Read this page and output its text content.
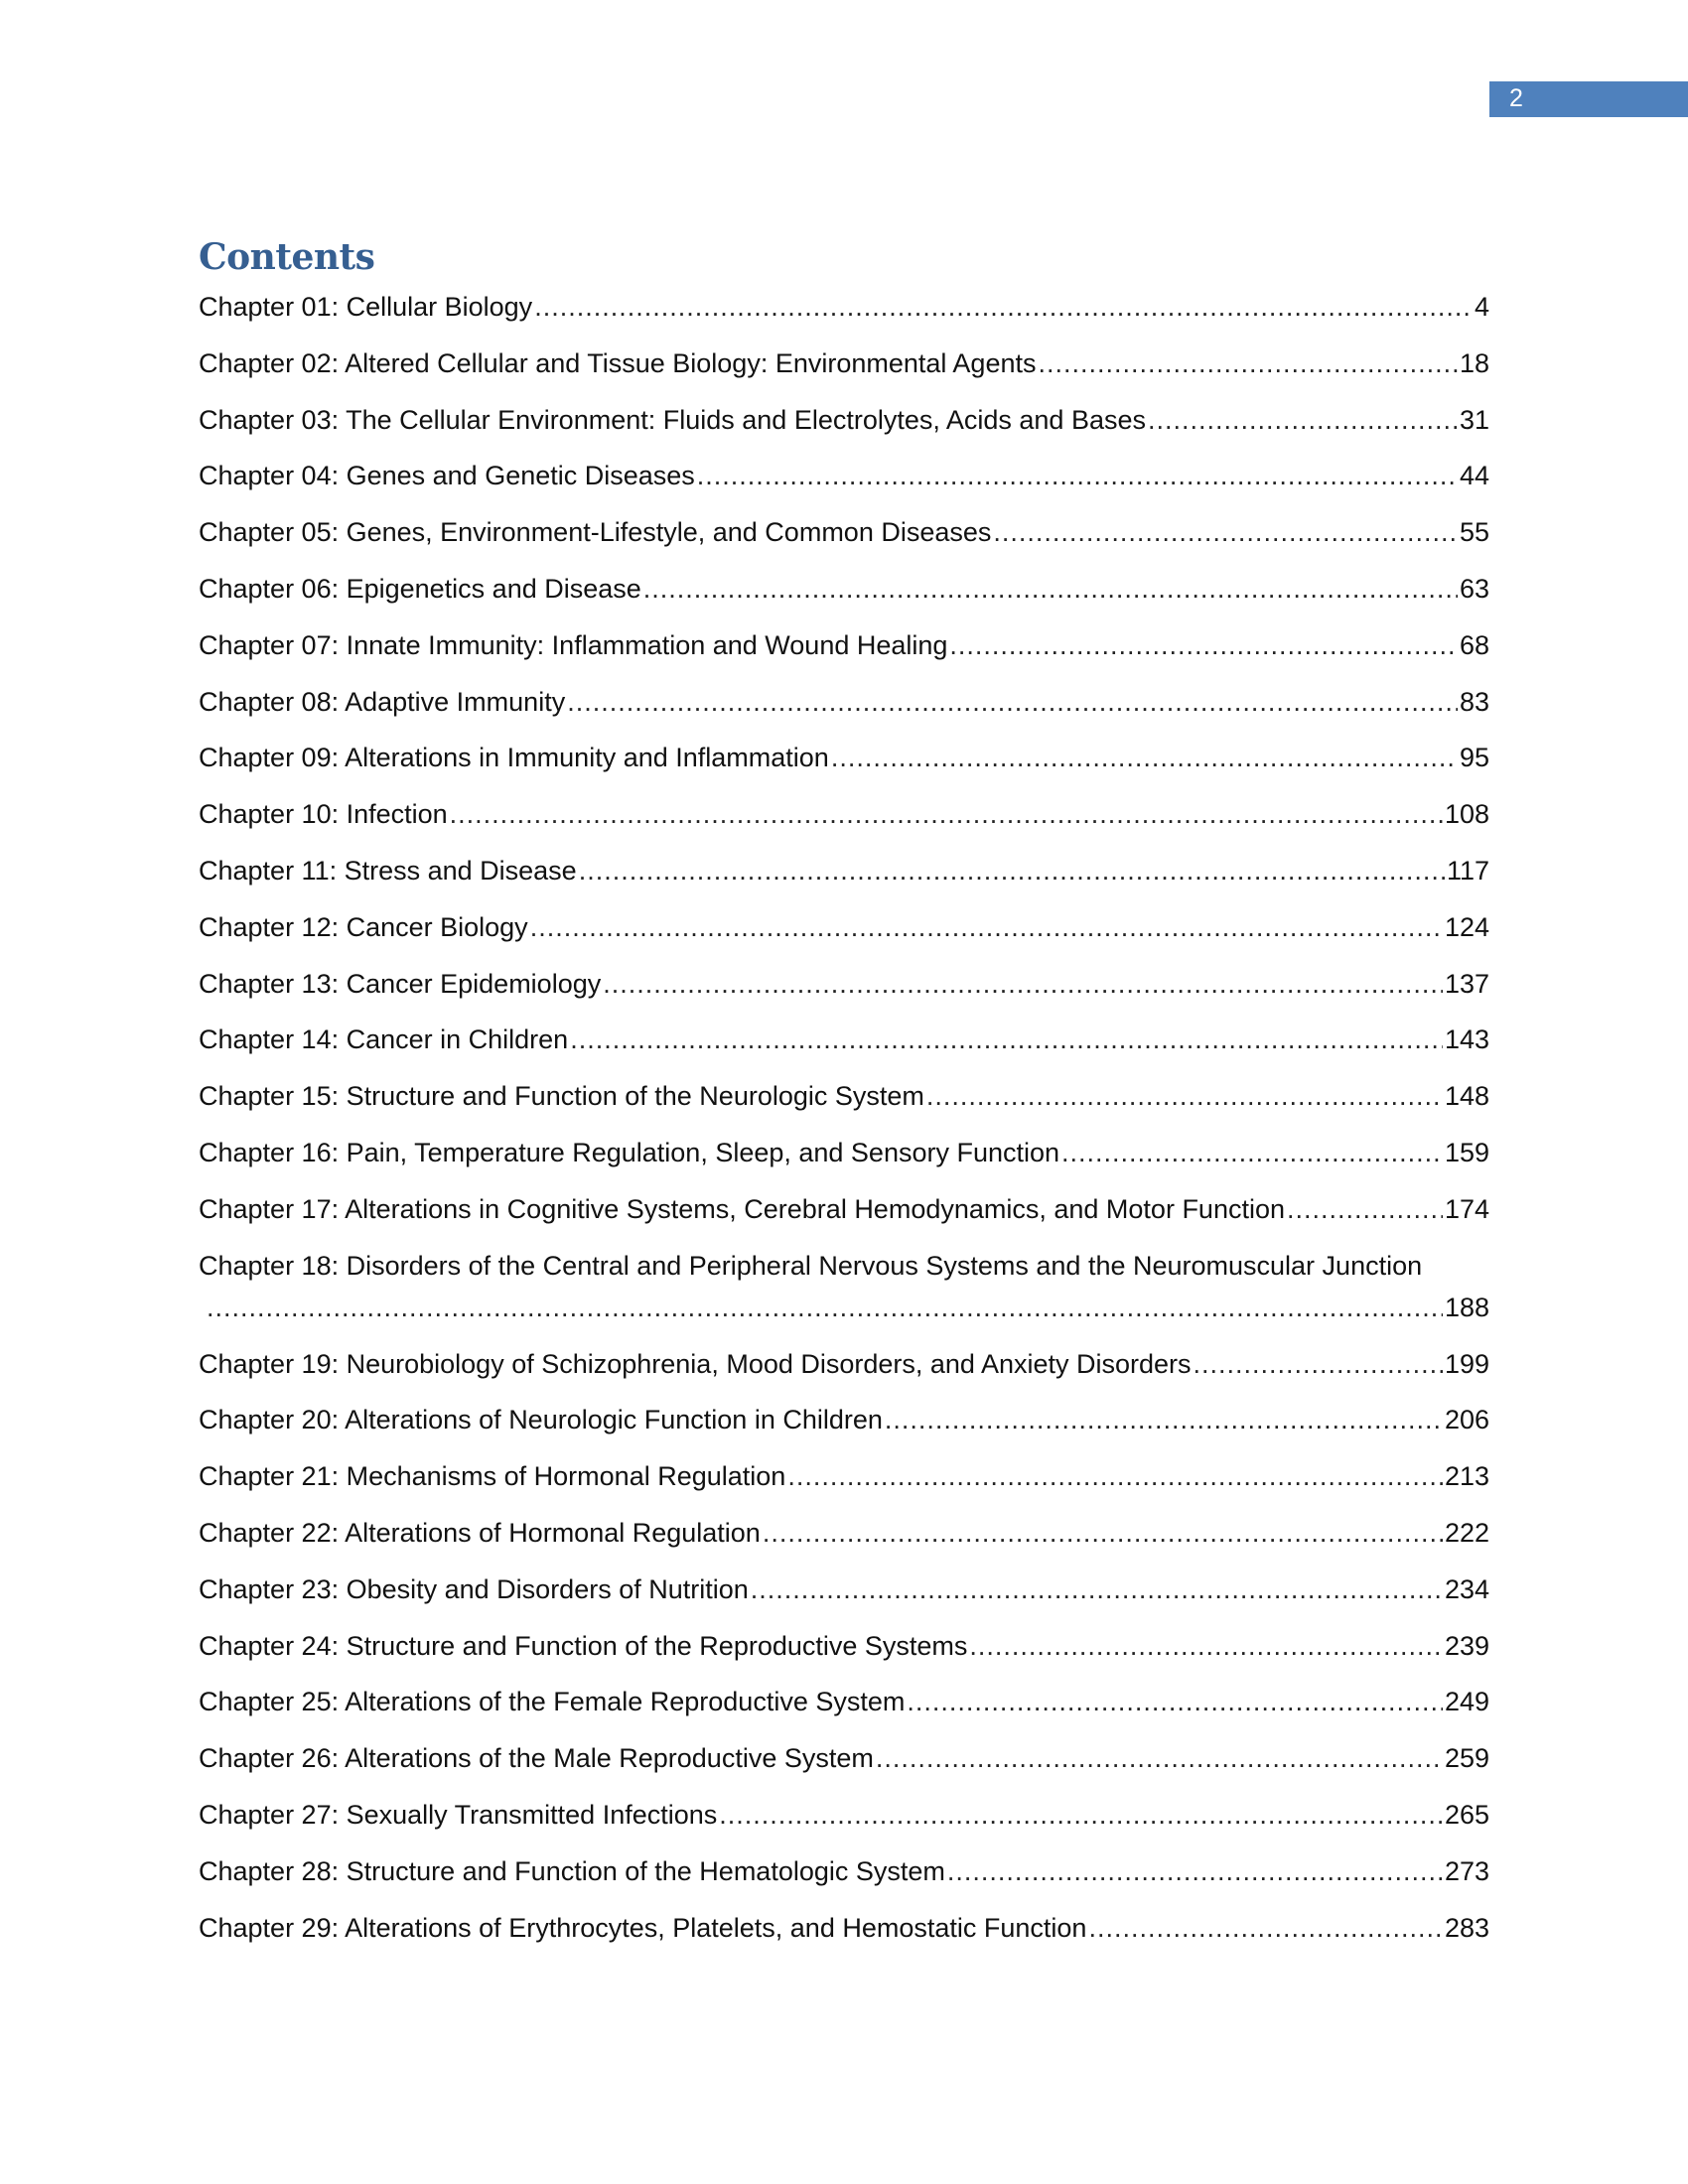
2
Contents
Chapter 01: Cellular Biology .....	4
Chapter 02: Altered Cellular and Tissue Biology: Environmental Agents .....	18
Chapter 03: The Cellular Environment: Fluids and Electrolytes, Acids and Bases .....	31
Chapter 04: Genes and Genetic Diseases .....	44
Chapter 05: Genes, Environment-Lifestyle, and Common Diseases .....	55
Chapter 06: Epigenetics and Disease .....	63
Chapter 07: Innate Immunity: Inflammation and Wound Healing .....	68
Chapter 08: Adaptive Immunity .....	83
Chapter 09: Alterations in Immunity and Inflammation .....	95
Chapter 10: Infection .....	108
Chapter 11: Stress and Disease .....	117
Chapter 12: Cancer Biology .....	124
Chapter 13: Cancer Epidemiology .....	137
Chapter 14: Cancer in Children .....	143
Chapter 15: Structure and Function of the Neurologic System .....	148
Chapter 16: Pain, Temperature Regulation, Sleep, and Sensory Function .....	159
Chapter 17: Alterations in Cognitive Systems, Cerebral Hemodynamics, and Motor Function .....	174
Chapter 18: Disorders of the Central and Peripheral Nervous Systems and the Neuromuscular Junction
.....
188
Chapter 19: Neurobiology of Schizophrenia, Mood Disorders, and Anxiety Disorders .....	199
Chapter 20: Alterations of Neurologic Function in Children .....	206
Chapter 21: Mechanisms of Hormonal Regulation .....	213
Chapter 22: Alterations of Hormonal Regulation .....	222
Chapter 23: Obesity and Disorders of Nutrition .....	234
Chapter 24: Structure and Function of the Reproductive Systems .....	239
Chapter 25: Alterations of the Female Reproductive System .....	249
Chapter 26: Alterations of the Male Reproductive System .....	259
Chapter 27: Sexually Transmitted Infections .....	265
Chapter 28: Structure and Function of the Hematologic System .....	273
Chapter 29: Alterations of Erythrocytes, Platelets, and Hemostatic Function .....	283
